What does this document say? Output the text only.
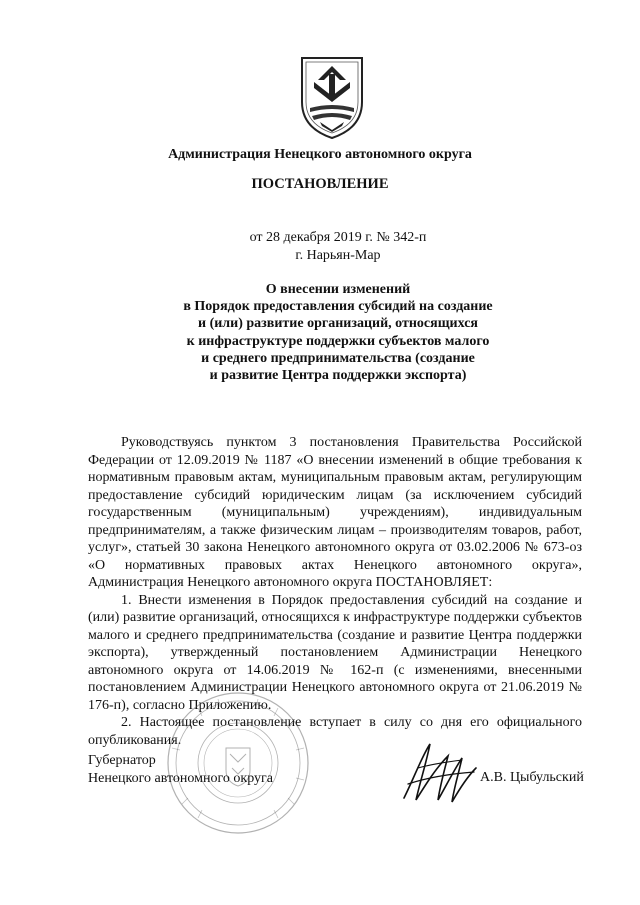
Администрация Ненецкого автономного округа
ПОСТАНОВЛЕНИЕ
от 28 декабря 2019 г. № 342-п
г. Нарьян-Мар
О внесении изменений
в Порядок предоставления субсидий на создание
и (или) развитие организаций, относящихся
к инфраструктуре поддержки субъектов малого
и среднего предпринимательства (создание
и развитие Центра поддержки экспорта)

Руководствуясь пунктом 3 постановления Правительства Российской Федерации от 12.09.2019 № 1187 «О внесении изменений в общие требования к нормативным правовым актам, муниципальным правовым актам, регулирующим предоставление субсидий юридическим лицам (за исключением субсидий государственным (муниципальным) учреждениям), индивидуальным предпринимателям, а также физическим лицам – производителям товаров, работ, услуг», статьей 30 закона Ненецкого автономного округа от 03.02.2006 № 673-оз «О нормативных правовых актах Ненецкого автономного округа», Администрация Ненецкого автономного округа ПОСТАНОВЛЯЕТ:

1. Внести изменения в Порядок предоставления субсидий на создание и (или) развитие организаций, относящихся к инфраструктуре поддержки субъектов малого и среднего предпринимательства (создание и развитие Центра поддержки экспорта), утвержденный постановлением Администрации Ненецкого автономного округа от 14.06.2019 № 162-п (с изменениями, внесенными постановлением Администрации Ненецкого автономного округа от 21.06.2019 № 176-п), согласно Приложению.

2. Настоящее постановление вступает в силу со дня его официального опубликования.

Губернатор
Ненецкого автономного округа	А.В. Цыбульский
